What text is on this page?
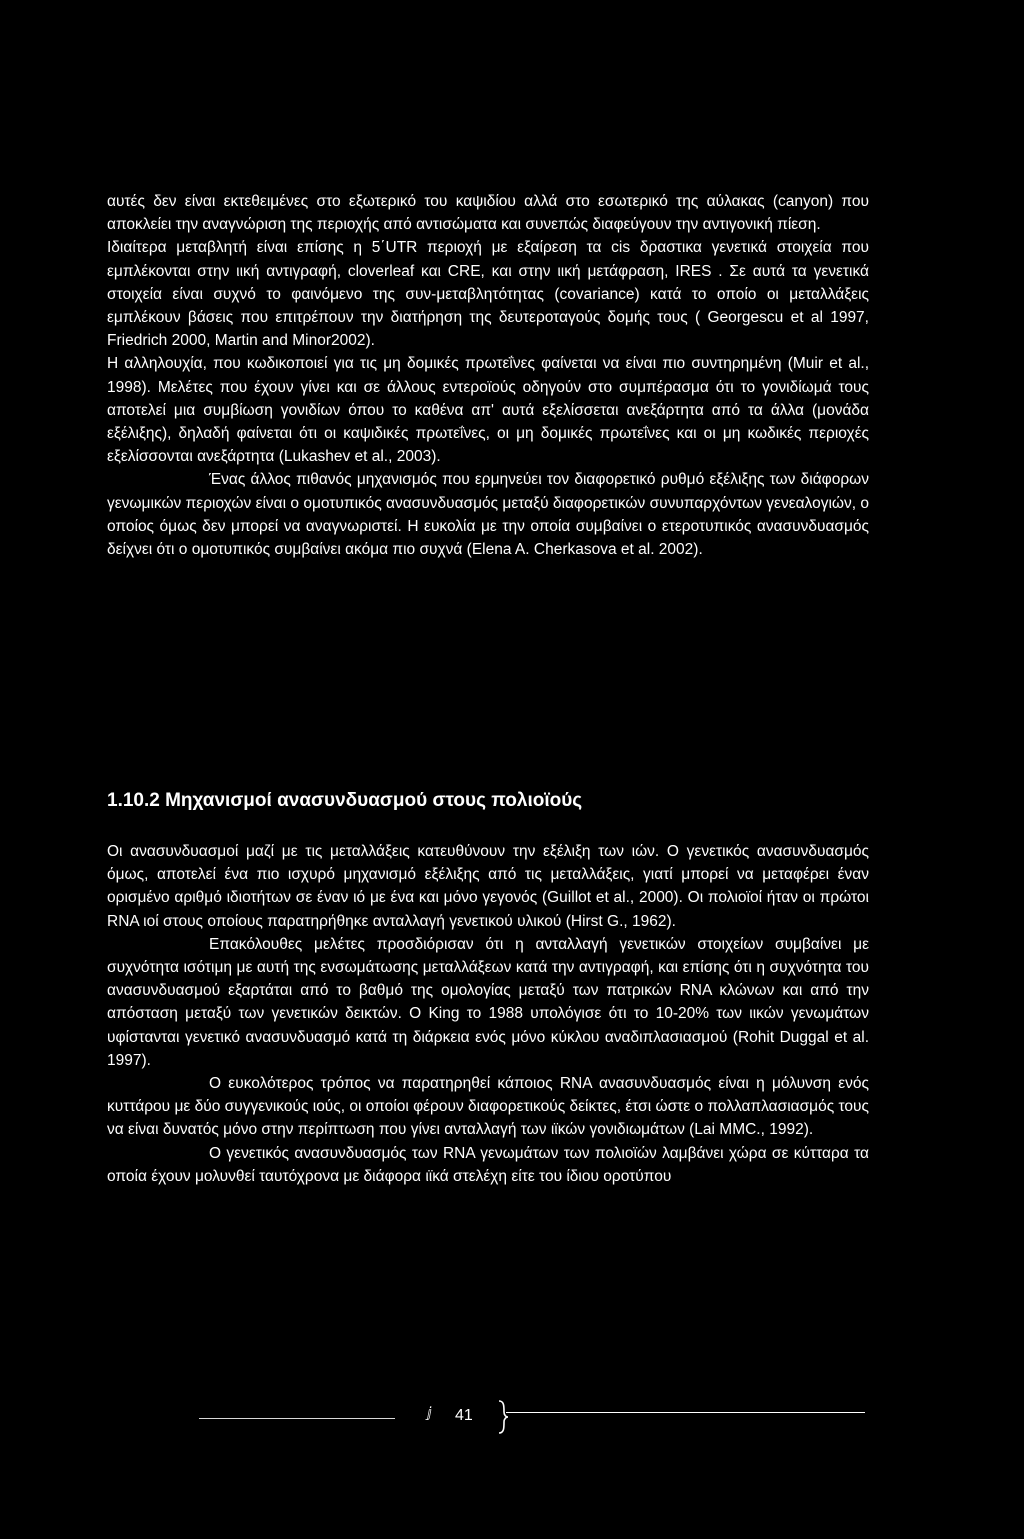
αυτές δεν είναι εκτεθειμένες στο εξωτερικό του καψιδίου αλλά στο εσωτερικό της αύλακας (canyon) που αποκλείει την αναγνώριση της περιοχής από αντισώματα και συνεπώς διαφεύγουν την αντιγονική πίεση.

Ιδιαίτερα μεταβλητή είναι επίσης η 5΄UTR περιοχή με εξαίρεση τα cis δραστικα γενετικά στοιχεία που εμπλέκονται στην ιική αντιγραφή, cloverleaf και CRE, και στην ιική μετάφραση, IRES . Σε αυτά τα γενετικά στοιχεία είναι συχνό το φαινόμενο της συν-μεταβλητότητας (covariance) κατά το οποίο οι μεταλλάξεις εμπλέκουν βάσεις που επιτρέπουν την διατήρηση της δευτεροταγούς δομής τους ( Georgescu et al 1997, Friedrich 2000, Martin and Minor2002).

Η αλληλουχία, που κωδικοποιεί για τις μη δομικές πρωτεΐνες φαίνεται να είναι πιο συντηρημένη (Muir et al., 1998). Μελέτες που έχουν γίνει και σε άλλους εντεροϊούς οδηγούν στο συμπέρασμα ότι το γονιδίωμά τους αποτελεί μια συμβίωση γονιδίων όπου το καθένα απ' αυτά εξελίσσεται ανεξάρτητα από τα άλλα (μονάδα εξέλιξης), δηλαδή φαίνεται ότι οι καψιδικές πρωτεΐνες, οι μη δομικές πρωτεΐνες και οι μη κωδικές περιοχές εξελίσσονται ανεξάρτητα (Lukashev et al., 2003).

Ένας άλλος πιθανός μηχανισμός που ερμηνεύει τον διαφορετικό ρυθμό εξέλιξης των διάφορων γενωμικών περιοχών είναι ο ομοτυπικός ανασυνδυασμός μεταξύ διαφορετικών συνυπαρχόντων γενεαλογιών, ο οποίος όμως δεν μπορεί να αναγνωριστεί. Η ευκολία με την οποία συμβαίνει ο ετεροτυπικός ανασυνδυασμός δείχνει ότι ο ομοτυπικός συμβαίνει ακόμα πιο συχνά (Elena A. Cherkasova et al. 2002).

1.10.2 Μηχανισμοί ανασυνδυασμού στους πολιοϊούς

Οι ανασυνδυασμοί μαζί με τις μεταλλάξεις κατευθύνουν την εξέλιξη των ιών. Ο γενετικός ανασυνδυασμός όμως, αποτελεί ένα πιο ισχυρό μηχανισμό εξέλιξης από τις μεταλλάξεις, γιατί μπορεί να μεταφέρει έναν ορισμένο αριθμό ιδιοτήτων σε έναν ιό με ένα και μόνο γεγονός (Guillot et al., 2000). Οι πολιοϊοί ήταν οι πρώτοι RNA ιοί στους οποίους παρατηρήθηκε ανταλλαγή γενετικού υλικού (Hirst G., 1962).

Επακόλουθες μελέτες προσδιόρισαν ότι η ανταλλαγή γενετικών στοιχείων συμβαίνει με συχνότητα ισότιμη με αυτή της ενσωμάτωσης μεταλλάξεων κατά την αντιγραφή, και επίσης ότι η συχνότητα του ανασυνδυασμού εξαρτάται από το βαθμό της ομολογίας μεταξύ των πατρικών RNA κλώνων και από την απόσταση μεταξύ των γενετικών δεικτών. Ο King το 1988 υπολόγισε ότι το 10-20% των ιικών γενωμάτων υφίστανται γενετικό ανασυνδυασμό κατά τη διάρκεια ενός μόνο κύκλου αναδιπλασιασμού (Rohit Duggal et al. 1997).

Ο ευκολότερος τρόπος να παρατηρηθεί κάποιος RNA ανασυνδυασμός είναι η μόλυνση ενός κυττάρου με δύο συγγενικούς ιούς, οι οποίοι φέρουν διαφορετικούς δείκτες, έτσι ώστε ο πολλαπλασιασμός τους να είναι δυνατός μόνο στην περίπτωση που γίνει ανταλλαγή των ιϊκών γονιδιωμάτων (Lai MMC., 1992).

Ο γενετικός ανασυνδυασμός των RNA γενωμάτων των πολιοϊών λαμβάνει χώρα σε κύτταρα τα οποία έχουν μολυνθεί ταυτόχρονα με διάφορα ιϊκά στελέχη είτε του ίδιου οροτύπου

ⅉ 41
